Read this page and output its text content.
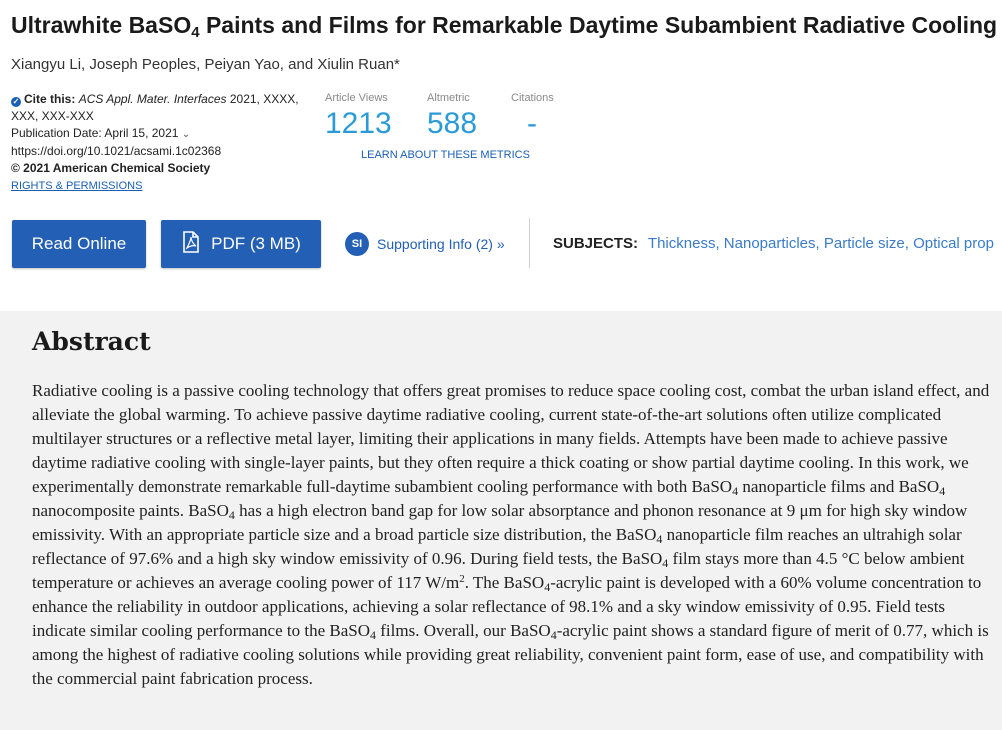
Ultrawhite BaSO$_4$ Paints and Films for Remarkable Daytime Subambient Radiative Cooling
Xiangyu Li, Joseph Peoples, Peiyan Yao, and Xiulin Ruan*
✓ Cite this: ACS Appl. Mater. Interfaces 2021, XXXX, XXX, XXX-XXX
Publication Date: April 15, 2021 ⌄
https://doi.org/10.1021/acsami.1c02368
© 2021 American Chemical Society
RIGHTS & PERMISSIONS
Article Views
1213
Altmetric
588
Citations
-
LEARN ABOUT THESE METRICS
Read Online	PDF (3 MB)	SI	Supporting Info (2) »	SUBJECTS: Thickness, Nanoparticles, Particle size, Optical prop
Abstract
Radiative cooling is a passive cooling technology that offers great promises to reduce space cooling cost, combat the urban island effect, and alleviate the global warming. To achieve passive daytime radiative cooling, current state-of-the-art solutions often utilize complicated multilayer structures or a reflective metal layer, limiting their applications in many fields. Attempts have been made to achieve passive daytime radiative cooling with single-layer paints, but they often require a thick coating or show partial daytime cooling. In this work, we experimentally demonstrate remarkable full-daytime subambient cooling performance with both BaSO$_4$ nanoparticle films and BaSO$_4$ nanocomposite paints. BaSO$_4$ has a high electron band gap for low solar absorptance and phonon resonance at 9 μm for high sky window emissivity. With an appropriate particle size and a broad particle size distribution, the BaSO$_4$ nanoparticle film reaches an ultrahigh solar reflectance of 97.6% and a high sky window emissivity of 0.96. During field tests, the BaSO$_4$ film stays more than 4.5 °C below ambient temperature or achieves an average cooling power of 117 $W/m^2$. The BaSO$_4$-acrylic paint is developed with a 60% volume concentration to enhance the reliability in outdoor applications, achieving a solar reflectance of 98.1% and a sky window emissivity of 0.95. Field tests indicate similar cooling performance to the BaSO$_4$ films. Overall, our BaSO$_4$-acrylic paint shows a standard figure of merit of 0.77, which is among the highest of radiative cooling solutions while providing great reliability, convenient paint form, ease of use, and compatibility with the commercial paint fabrication process.
